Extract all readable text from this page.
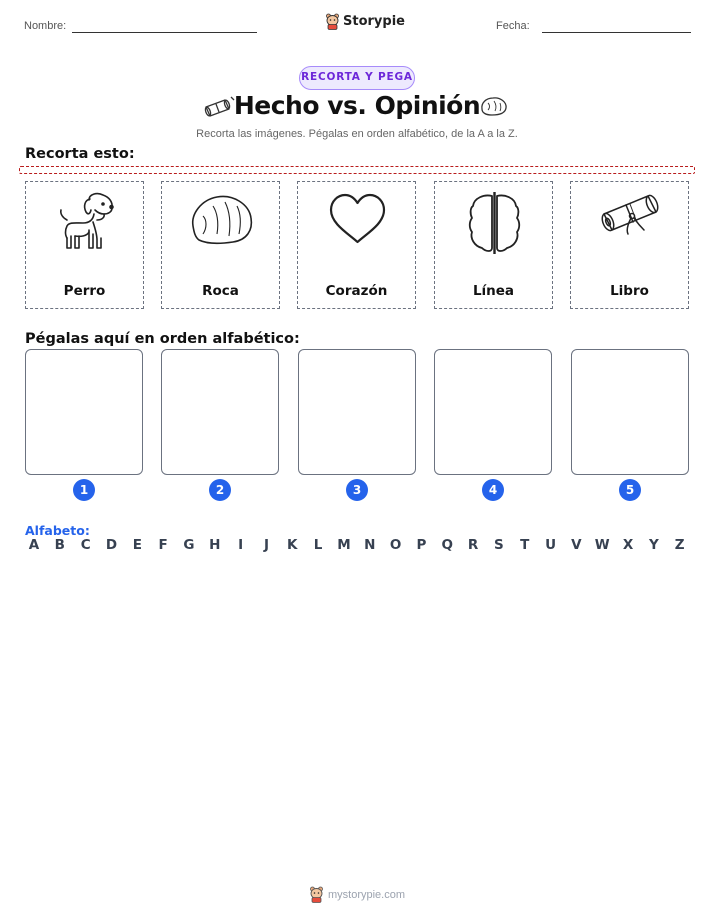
Nombre:	Storypie	Fecha:
RECORTA Y PEGA
Hecho vs. Opinión
Recorta las imágenes. Pégalas en orden alfabético, de la A a la Z.
Recorta esto:
Perro	Roca	Corazón	Línea	Libro
Pégalas aquí en orden alfabético:
1	2	3	4	5
Alfabeto:
A B C D	E	F	G H	I	J	K	L	M N O P Q R	S	T	U V W X	Y	Z
mystorypie.com
